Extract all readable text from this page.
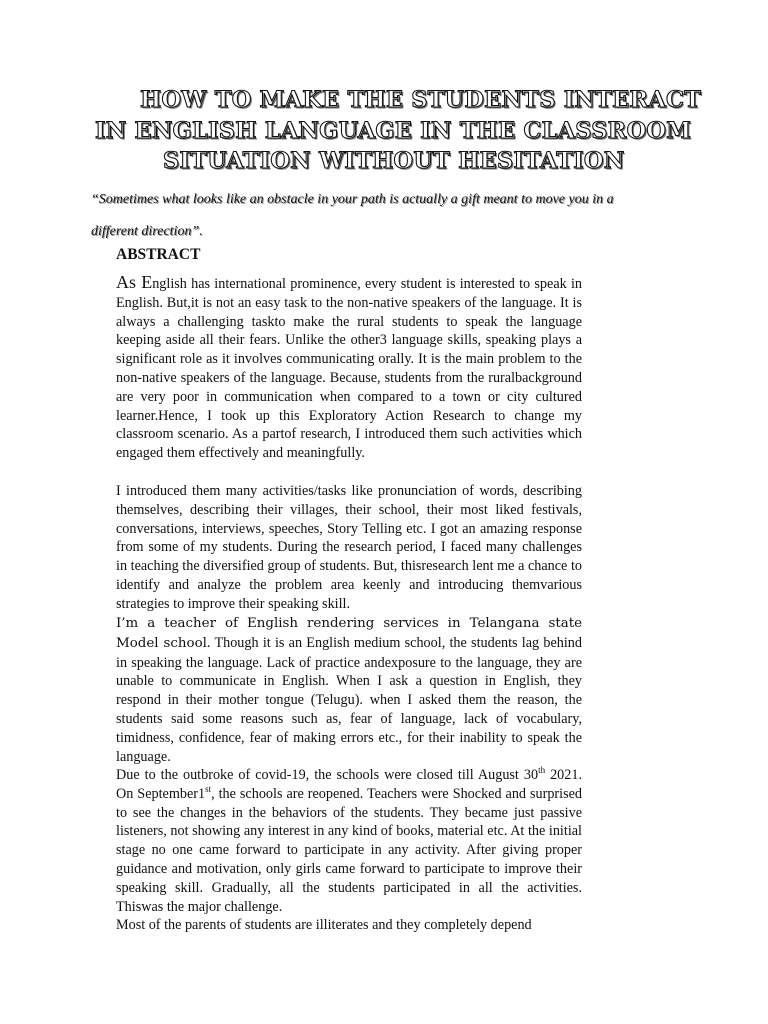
HOW TO MAKE THE STUDENTS INTERACT
IN ENGLISH LANGUAGE IN THE CLASSROOM
SITUATION WITHOUT HESITATION

“Sometimes what looks like an obstacle in your path is actually a gift meant to move you in a different direction”.

ABSTRACT

As English has international prominence, every student is interested to speak in English. But,it is not an easy task to the non-native speakers of the language. It is always a challenging taskto make the rural students to speak the language keeping aside all their fears. Unlike the other3 language skills, speaking plays a significant role as it involves communicating orally. It is the main problem to the non-native speakers of the language. Because, students from the ruralbackground are very poor in communication when compared to a town or city cultured learner.Hence, I took up this Exploratory Action Research to change my classroom scenario. As a partof research, I introduced them such activities which engaged them effectively and meaningfully.

I introduced them many activities/tasks like pronunciation of words, describing themselves, describing their villages, their school, their most liked festivals, conversations, interviews, speeches, Story Telling etc. I got an amazing response from some of my students. During the research period, I faced many challenges in teaching the diversified group of students. But, thisresearch lent me a chance to identify and analyze the problem area keenly and introducing themvarious strategies to improve their speaking skill.

I’m a teacher of English rendering services in Telangana state Model school. Though it is an English medium school, the students lag behind in speaking the language. Lack of practice andexposure to the language, they are unable to communicate in English. When I ask a question in English, they respond in their mother tongue (Telugu). when I asked them the reason, the students said some reasons such as, fear of language, lack of vocabulary, timidness, confidence, fear of making errors etc., for their inability to speak the language.

Due to the outbroke of covid-19, the schools were closed till August 30th 2021. On September1st, the schools are reopened. Teachers were Shocked and surprised to see the changes in the behaviors of the students. They became just passive listeners, not showing any interest in any kind of books, material etc. At the initial stage no one came forward to participate in any activity. After giving proper guidance and motivation, only girls came forward to participate to improve their speaking skill. Gradually, all the students participated in all the activities. Thiswas the major challenge.

Most of the parents of students are illiterates and they completely depend
